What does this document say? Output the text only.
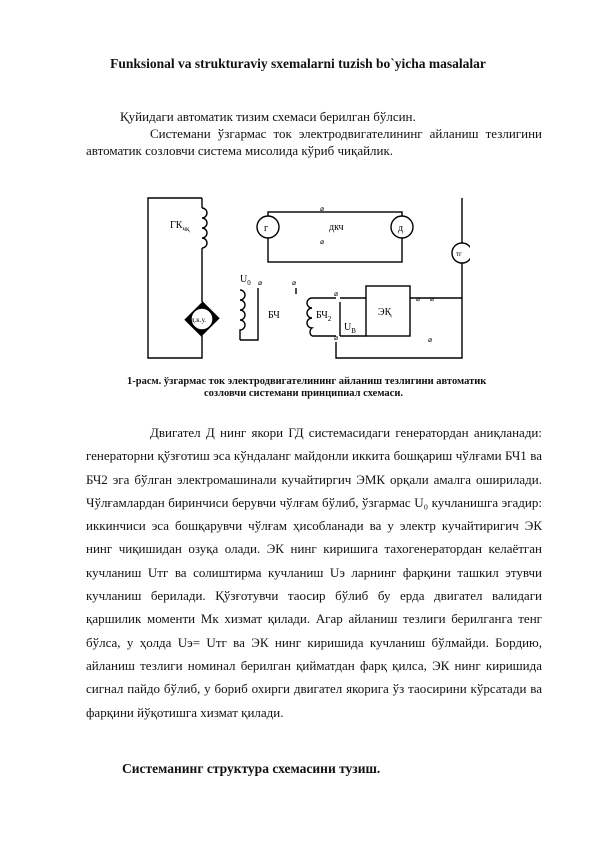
Funksional va strukturaviy sxemalarni tuzish bo`yicha masalalar
Қуйидаги автоматик тизим схемаси берилган бўлсин.
Системани ўзгармас ток электродвигателининг айланиш тезлигини автоматик созловчи система мисолида кўриб чиқайлик.
$ГК_{чқ}$
д.к.у.
г	д
⌀
⌀
дкч
тг
$U_0$ ⌀	⌀
БЧ	$БЧ_2$
$U_В$
⌀
⌀
ЭҚ
⌀ ⌀
⌀
1-расм. ўзгармас ток электродвигателининг айланиш тезлигини автоматик
созловчи системани принципиал схемаси.

Двигател Д нинг якори ГД системасидаги генератордан аниқланади: генераторни қўзғотиш эса кўндаланг майдонли иккита бошқариш чўлғами БЧ1 ва БЧ2 эга бўлган электромашинали кучайтиргич ЭМК орқали амалга оширилади. Чўлғамлардан биринчиси берувчи чўлғам бўлиб, ўзгармас U₀ кучланишга эгадир: иккинчиси эса бошқарувчи чўлғам ҳисобланади ва у электр кучайтиригич ЭК нинг чиқишидан озуқа олади. ЭК нинг киришига тахогенератордан келаётган кучланиш Uтг ва солиштирма кучланиш Uэ ларнинг фарқини ташкил этувчи кучланиш берилади. Қўзғотувчи таосир бўлиб бу ерда двигател валидаги қаршилик моменти Мк хизмат қилади. Агар айланиш тезлиги берилганга тенг бўлса, у ҳолда Uэ= Uтг ва ЭК нинг киришида кучланиш бўлмайди. Бордию, айланиш тезлиги номинал берилган қийматдан фарқ қилса, ЭК нинг киришида сигнал пайдо бўлиб, у бориб охирги двигател якорига ўз таосирини кўрсатади ва фарқини йўқотишга хизмат қилади.

Системанинг структура схемасини тузиш.
